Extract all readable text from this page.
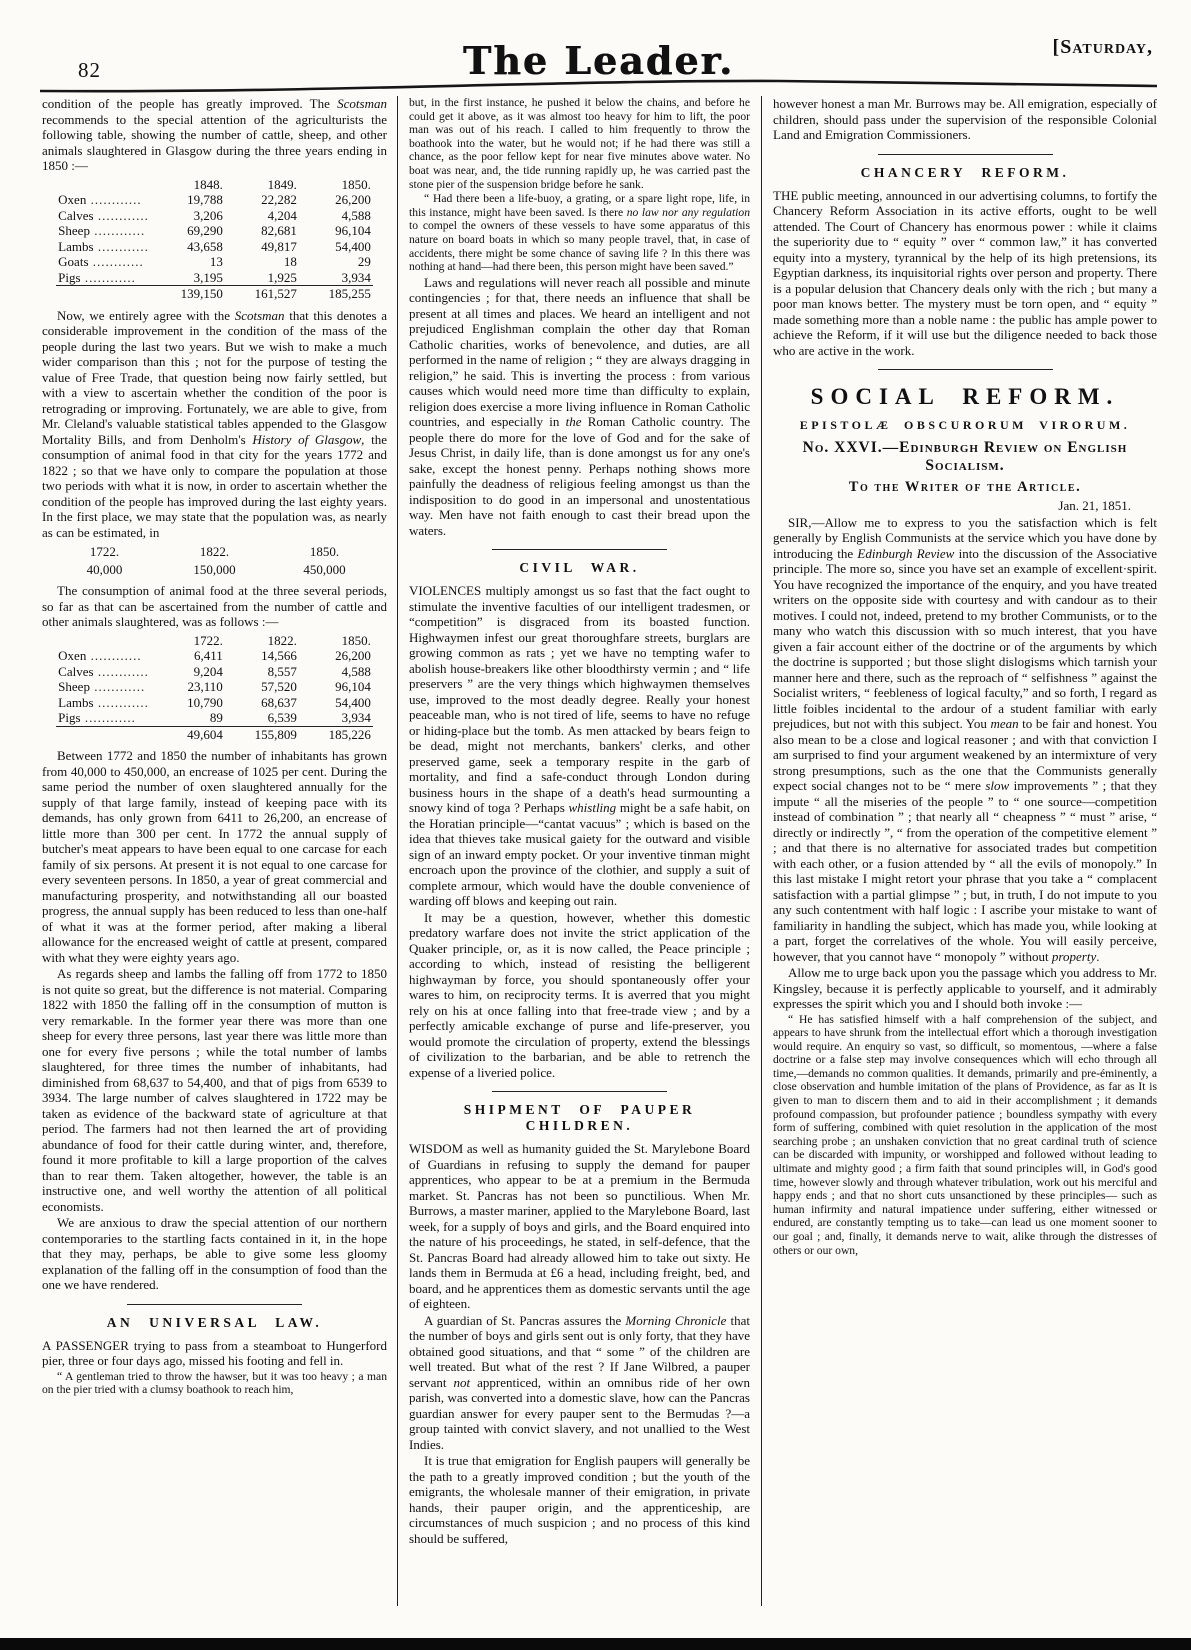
82	The Leader.	[Saturday,

condition of the people has greatly improved. The Scotsman recommends to the special attention of the agriculturists the following table, showing the number of cattle, sheep, and other animals slaughtered in Glasgow during the three years ending in 1850 :—

	1848.	1849.	1850.
Oxen .....	19,788	22,282	26,200
Calves .....	3,206	4,204	4,588
Sheep .....	69,290	82,681	96,104
Lambs .....	43,658	49,817	54,400
Goats .....	13	18	29
Pigs .....	3,195	1,925	3,934
	139,150	161,527	185,255

Now, we entirely agree with the Scotsman that this denotes a considerable improvement in the condition of the mass of the people during the last two years. But we wish to make a much wider comparison than this ; not for the purpose of testing the value of Free Trade, that question being now fairly settled, but with a view to ascertain whether the condition of the poor is retrograding or improving. Fortunately, we are able to give, from Mr. Cleland's valuable statistical tables appended to the Glasgow Mortality Bills, and from Denholm's History of Glasgow, the consumption of animal food in that city for the years 1772 and 1822 ; so that we have only to compare the population at those two periods with what it is now, in order to ascertain whether the condition of the people has improved during the last eighty years. In the first place, we may state that the population was, as nearly as can be estimated, in

1722.	1822.	1850.
40,000	150,000	450,000

The consumption of animal food at the three several periods, so far as that can be ascertained from the number of cattle and other animals slaughtered, was as follows :—

	1722.	1822.	1850.
Oxen .....	6,411	14,566	26,200
Calves .....	9,204	8,557	4,588
Sheep .....	23,110	57,520	96,104
Lambs .....	10,790	68,637	54,400
Pigs .....	89	6,539	3,934
	49,604	155,809	185,226

Between 1772 and 1850 the number of inhabitants has grown from 40,000 to 450,000, an encrease of 1025 per cent. During the same period the number of oxen slaughtered annually for the supply of that large family, instead of keeping pace with its demands, has only grown from 6411 to 26,200, an encrease of little more than 300 per cent. In 1772 the annual supply of butcher's meat appears to have been equal to one carcase for each family of six persons. At present it is not equal to one carcase for every seventeen persons. In 1850, a year of great commercial and manufacturing prosperity, and notwithstanding all our boasted progress, the annual supply has been reduced to less than one-half of what it was at the former period, after making a liberal allowance for the encreased weight of cattle at present, compared with what they were eighty years ago.

As regards sheep and lambs the falling off from 1772 to 1850 is not quite so great, but the difference is not material. Comparing 1822 with 1850 the falling off in the consumption of mutton is very remarkable. In the former year there was more than one sheep for every three persons, last year there was little more than one for every five persons ; while the total number of lambs slaughtered, for three times the number of inhabitants, had diminished from 68,637 to 54,400, and that of pigs from 6539 to 3934. The large number of calves slaughtered in 1722 may be taken as evidence of the backward state of agriculture at that period. The farmers had not then learned the art of providing abundance of food for their cattle during winter, and, therefore, found it more profitable to kill a large proportion of the calves than to rear them. Taken altogether, however, the table is an instructive one, and well worthy the attention of all political economists.

We are anxious to draw the special attention of our northern contemporaries to the startling facts contained in it, in the hope that they may, perhaps, be able to give some less gloomy explanation of the falling off in the consumption of food than the one we have rendered.

AN UNIVERSAL LAW.

A PASSENGER trying to pass from a steamboat to Hungerford pier, three or four days ago, missed his footing and fell in.

“ A gentleman tried to throw the hawser, but it was too heavy ; a man on the pier tried with a clumsy boathook to reach him,

but, in the first instance, he pushed it below the chains, and before he could get it above, as it was almost too heavy for him to lift, the poor man was out of his reach. I called to him frequently to throw the boathook into the water, but he would not; if he had there was still a chance, as the poor fellow kept for near five minutes above water. No boat was near, and, the tide running rapidly up, he was carried past the stone pier of the suspension bridge before he sank.

“ Had there been a life-buoy, a grating, or a spare light rope, life, in this instance, might have been saved. Is there no law nor any regulation to compel the owners of these vessels to have some apparatus of this nature on board boats in which so many people travel, that, in case of accidents, there might be some chance of saving life ? In this there was nothing at hand—had there been, this person might have been saved.”

Laws and regulations will never reach all possible and minute contingencies ; for that, there needs an influence that shall be present at all times and places. We heard an intelligent and not prejudiced Englishman complain the other day that Roman Catholic charities, works of benevolence, and duties, are all performed in the name of religion ; “ they are always dragging in religion,” he said. This is inverting the process : from various causes which would need more time than difficulty to explain, religion does exercise a more living influence in Roman Catholic countries, and especially in the Roman Catholic country. The people there do more for the love of God and for the sake of Jesus Christ, in daily life, than is done amongst us for any one's sake, except the honest penny. Perhaps nothing shows more painfully the deadness of religious feeling amongst us than the indisposition to do good in an impersonal and unostentatious way. Men have not faith enough to cast their bread upon the waters.

CIVIL WAR.

VIOLENCES multiply amongst us so fast that the fact ought to stimulate the inventive faculties of our intelligent tradesmen, or “competition” is disgraced from its boasted function. Highwaymen infest our great thoroughfare streets, burglars are growing common as rats ; yet we have no tempting wafer to abolish house-breakers like other bloodthirsty vermin ; and “ life preservers ” are the very things which highwaymen themselves use, improved to the most deadly degree. Really your honest peaceable man, who is not tired of life, seems to have no refuge or hiding-place but the tomb. As men attacked by bears feign to be dead, might not merchants, bankers' clerks, and other preserved game, seek a temporary respite in the garb of mortality, and find a safe-conduct through London during business hours in the shape of a death's head surmounting a snowy kind of toga ? Perhaps whistling might be a safe habit, on the Horatian principle—“cantat vacuus” ; which is based on the idea that thieves take musical gaiety for the outward and visible sign of an inward empty pocket. Or your inventive tinman might encroach upon the province of the clothier, and supply a suit of complete armour, which would have the double convenience of warding off blows and keeping out rain.

It may be a question, however, whether this domestic predatory warfare does not invite the strict application of the Quaker principle, or, as it is now called, the Peace principle ; according to which, instead of resisting the belligerent highwayman by force, you should spontaneously offer your wares to him, on reciprocity terms. It is averred that you might rely on his at once falling into that free-trade view ; and by a perfectly amicable exchange of purse and life-preserver, you would promote the circulation of property, extend the blessings of civilization to the barbarian, and be able to retrench the expense of a liveried police.

SHIPMENT OF PAUPER CHILDREN.

WISDOM as well as humanity guided the St. Marylebone Board of Guardians in refusing to supply the demand for pauper apprentices, who appear to be at a premium in the Bermuda market. St. Pancras has not been so punctilious. When Mr. Burrows, a master mariner, applied to the Marylebone Board, last week, for a supply of boys and girls, and the Board enquired into the nature of his proceedings, he stated, in self-defence, that the St. Pancras Board had already allowed him to take out sixty. He lands them in Bermuda at £6 a head, including freight, bed, and board, and he apprentices them as domestic servants until the age of eighteen.

A guardian of St. Pancras assures the Morning Chronicle that the number of boys and girls sent out is only forty, that they have obtained good situations, and that “ some ” of the children are well treated. But what of the rest ? If Jane Wilbred, a pauper servant not apprenticed, within an omnibus ride of her own parish, was converted into a domestic slave, how can the Pancras guardian answer for every pauper sent to the Bermudas ?—a group tainted with convict slavery, and not unallied to the West Indies.

It is true that emigration for English paupers will generally be the path to a greatly improved condition ; but the youth of the emigrants, the wholesale manner of their emigration, in private hands, their pauper origin, and the apprenticeship, are circumstances of much suspicion ; and no process of this kind should be suffered,

however honest a man Mr. Burrows may be. All emigration, especially of children, should pass under the supervision of the responsible Colonial Land and Emigration Commissioners.

CHANCERY REFORM.

THE public meeting, announced in our advertising columns, to fortify the Chancery Reform Association in its active efforts, ought to be well attended. The Court of Chancery has enormous power : while it claims the superiority due to “ equity ” over “ common law,” it has converted equity into a mystery, tyrannical by the help of its high pretensions, its Egyptian darkness, its inquisitorial rights over person and property. There is a popular delusion that Chancery deals only with the rich ; but many a poor man knows better. The mystery must be torn open, and “ equity ” made something more than a noble name : the public has ample power to achieve the Reform, if it will use but the diligence needed to back those who are active in the work.

SOCIAL REFORM.
EPISTOLÆ OBSCURORUM VIRORUM.
No. XXVI.—Edinburgh Review on English Socialism.
To the Writer of the Article.

Jan. 21, 1851.

SIR,—Allow me to express to you the satisfaction which is felt generally by English Communists at the service which you have done by introducing the Edinburgh Review into the discussion of the Associative principle. The more so, since you have set an example of excellent·spirit. You have recognized the importance of the enquiry, and you have treated writers on the opposite side with courtesy and with candour as to their motives. I could not, indeed, pretend to my brother Communists, or to the many who watch this discussion with so much interest, that you have given a fair account either of the doctrine or of the arguments by which the doctrine is supported ; but those slight dislogisms which tarnish your manner here and there, such as the reproach of “ selfishness ” against the Socialist writers, “ feebleness of logical faculty,” and so forth, I regard as little foibles incidental to the ardour of a student familiar with early prejudices, but not with this subject. You mean to be fair and honest. You also mean to be a close and logical reasoner ; and with that conviction I am surprised to find your argument weakened by an intermixture of very strong presumptions, such as the one that the Communists generally expect social changes not to be “ mere slow improvements ” ; that they impute “ all the miseries of the people ” to “ one source—competition instead of combination ” ; that nearly all “ cheapness ” “ must ” arise, “ directly or indirectly ”, “ from the operation of the competitive element ” ; and that there is no alternative for associated trades but competition with each other, or a fusion attended by “ all the evils of monopoly.” In this last mistake I might retort your phrase that you take a “ complacent satisfaction with a partial glimpse ” ; but, in truth, I do not impute to you any such contentment with half logic : I ascribe your mistake to want of familiarity in handling the subject, which has made you, while looking at a part, forget the correlatives of the whole. You will easily perceive, however, that you cannot have “ monopoly ” without property.

Allow me to urge back upon you the passage which you address to Mr. Kingsley, because it is perfectly applicable to yourself, and it admirably expresses the spirit which you and I should both invoke :—

“ He has satisfied himself with a half comprehension of the subject, and appears to have shrunk from the intellectual effort which a thorough investigation would require. An enquiry so vast, so difficult, so momentous, —where a false doctrine or a false step may involve consequences which will echo through all time,—demands no common qualities. It demands, primarily and pre-éminently, a close observation and humble imitation of the plans of Providence, as far as It is given to man to discern them and to aid in their accomplishment ; it demands profound compassion, but profounder patience ; boundless sympathy with every form of suffering, combined with quiet resolution in the application of the most searching probe ; an unshaken conviction that no great cardinal truth of science can be discarded with impunity, or worshipped and followed without leading to ultimate and mighty good ; a firm faith that sound principles will, in God's good time, however slowly and through whatever tribulation, work out his merciful and happy ends ; and that no short cuts unsanctioned by these principles— such as human infirmity and natural impatience under suffering, either witnessed or endured, are constantly tempting us to take—can lead us one moment sooner to our goal ; and, finally, it demands nerve to wait, alike through the distresses of others or our own,
